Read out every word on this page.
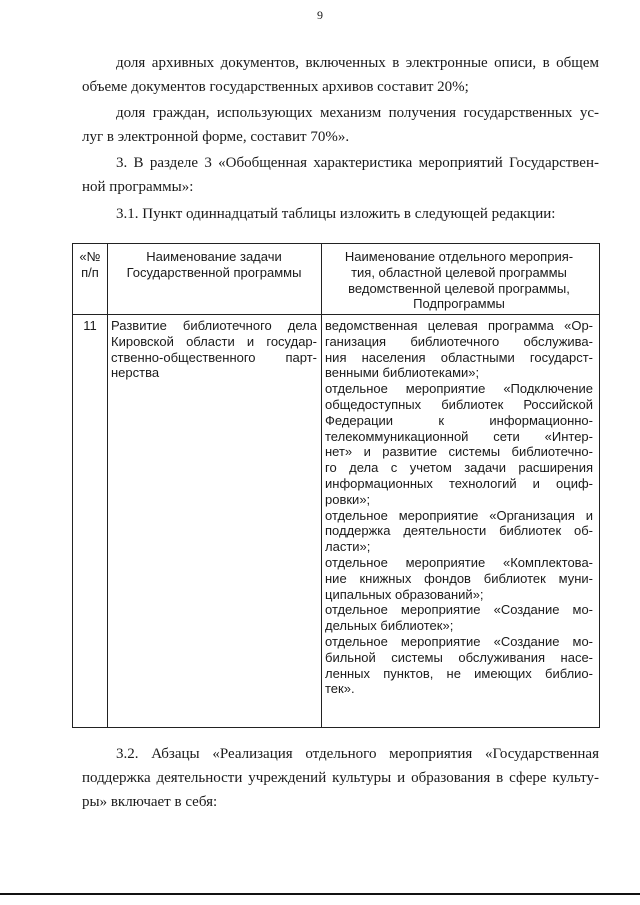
9
доля архивных документов, включенных в электронные описи, в общем
объеме документов государственных архивов составит 20%;
доля граждан, использующих механизм получения государственных ус-
луг в электронной форме, составит 70%».
3. В разделе 3 «Обобщенная характеристика мероприятий Государствен-
ной программы»:
3.1. Пункт одиннадцатый таблицы изложить в следующей редакции:
«№
п/п
Наименование задачи
Государственной программы
Наименование отдельного мероприя-
тия, областной целевой программы
ведомственной целевой программы,
Подпрограммы
11	Развитие библиотечного дела
Кировской области и государ-
ственно-общественного парт-
нерства
ведомственная целевая программа «Ор-
ганизация библиотечного обслужива-
ния населения областными государст-
венными библиотеками»;
отдельное мероприятие «Подключение
общедоступных библиотек Российской
Федерации к информационно-
телекоммуникационной сети «Интер-
нет» и развитие системы библиотечно-
го дела с учетом задачи расширения
информационных технологий и оциф-
ровки»;
отдельное мероприятие «Организация и
поддержка деятельности библиотек об-
ласти»;
отдельное мероприятие «Комплектова-
ние книжных фондов библиотек муни-
ципальных образований»;
отдельное мероприятие «Создание мо-
дельных библиотек»;
отдельное мероприятие «Создание мо-
бильной системы обслуживания насе-
ленных пунктов, не имеющих библио-
тек».
3.2. Абзацы «Реализация отдельного мероприятия «Государственная
поддержка деятельности учреждений культуры и образования в сфере культу-
ры» включает в себя:
